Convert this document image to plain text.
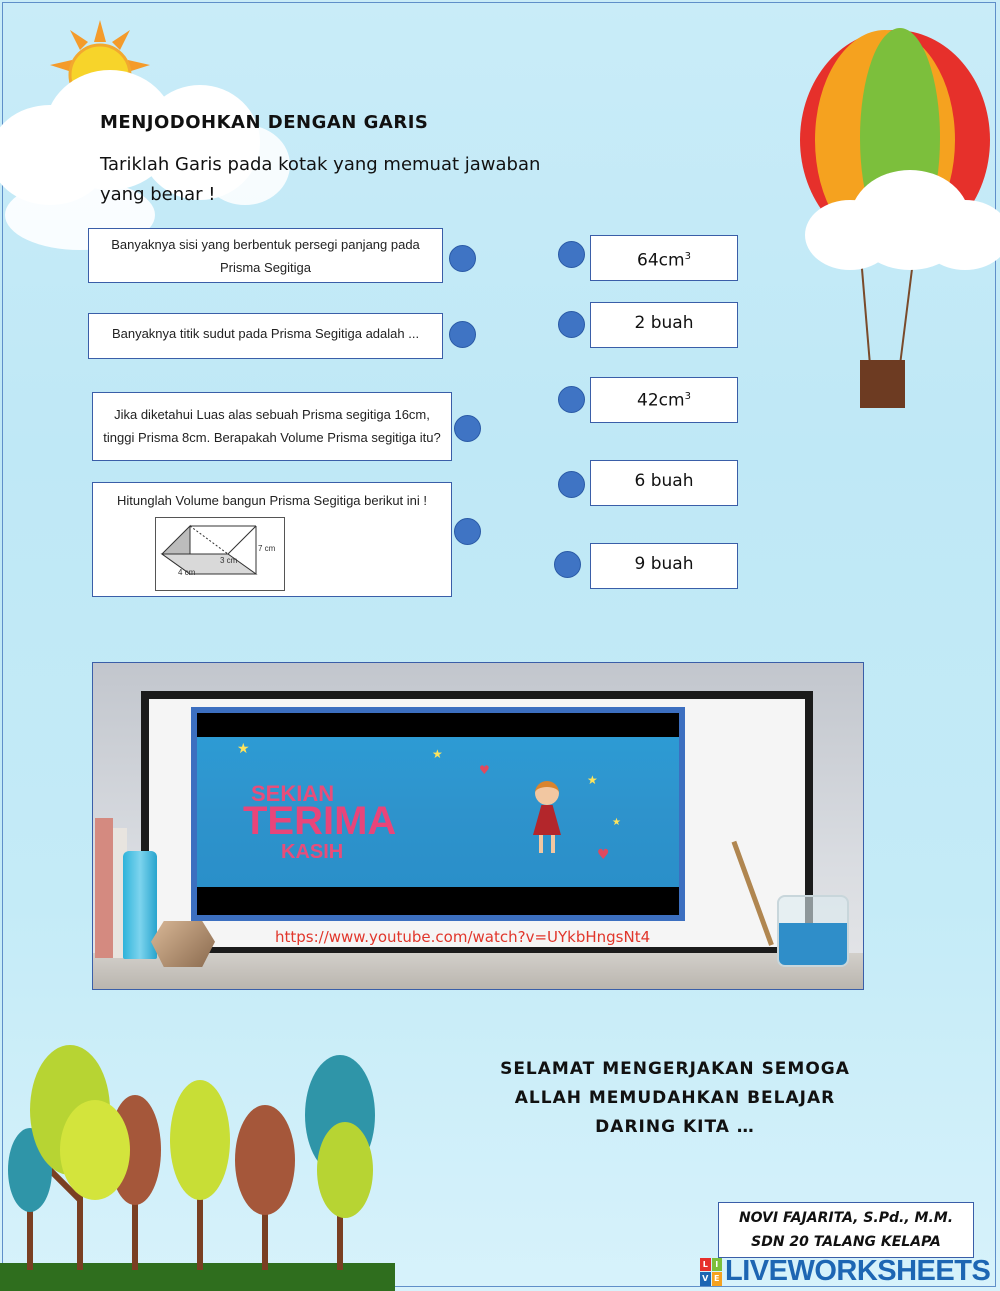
MENJODOHKAN DENGAN GARIS

Tariklah Garis pada kotak yang memuat jawaban yang benar !

Banyaknya sisi yang berbentuk persegi panjang pada Prisma Segitiga
Banyaknya titik sudut pada Prisma Segitiga adalah ...
Jika diketahui Luas alas sebuah Prisma segitiga 16cm, tinggi Prisma 8cm. Berapakah Volume Prisma segitiga itu?
Hitunglah Volume bangun Prisma Segitiga berikut ini !
7 cm
3 cm
4 cm
$64cm^3$
2 buah
$42cm^3$
6 buah
9 buah
SEKIAN
TERIMA
KASIH
★	★
★
★
♥
♥
https://www.youtube.com/watch?v=UYkbHngsNt4
SELAMAT MENGERJAKAN SEMOGA
ALLAH MEMUDAHKAN BELAJAR
DARING KITA …
NOVI FAJARITA, S.Pd., M.M.
SDN 20 TALANG KELAPA
L I
V E LIVEWORKSHEETS
